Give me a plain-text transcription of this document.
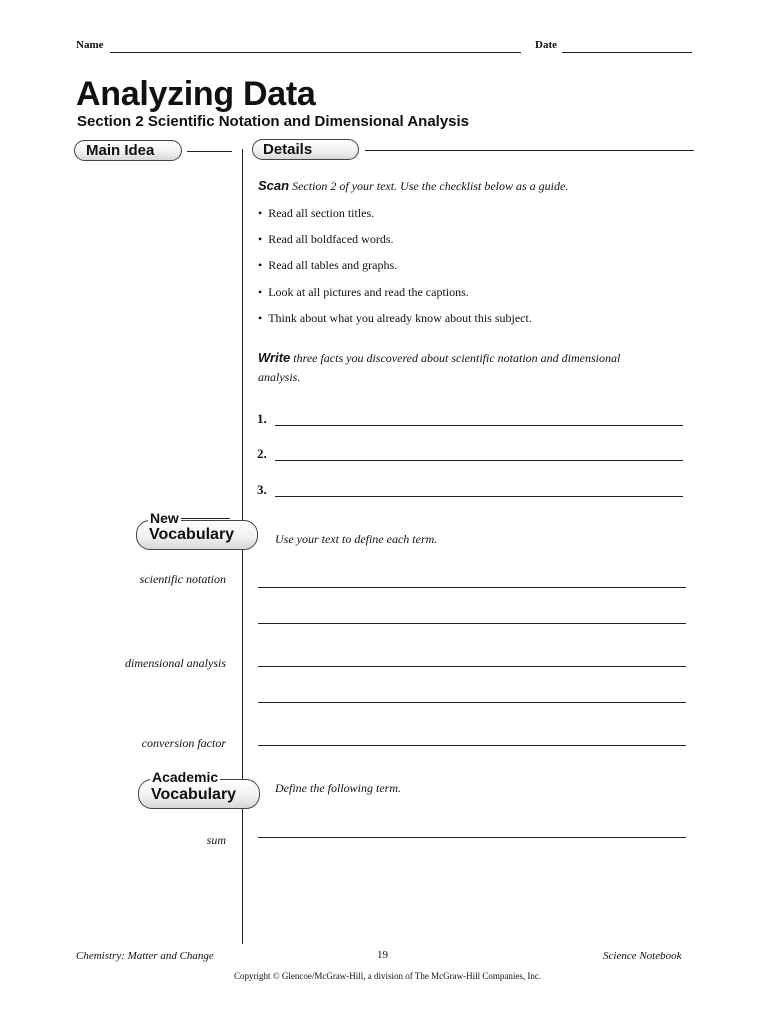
Name	Date
Analyzing Data
Section 2 Scientific Notation and Dimensional Analysis
Main Idea	Details
Scan Section 2 of your text. Use the checklist below as a guide.
• Read all section titles.
• Read all boldfaced words.
• Read all tables and graphs.
• Look at all pictures and read the captions.
• Think about what you already know about this subject.
Write three facts you discovered about scientific notation and dimensional
analysis.
1.
2.
3.
New
Vocabulary	Use your text to define each term.
scientific notation
dimensional analysis
conversion factor
Academic
Vocabulary	Define the following term.
sum
Chemistry: Matter and Change	19	Science Notebook
Copyright © Glencoe/McGraw-Hill, a division of The McGraw-Hill Companies, Inc.
